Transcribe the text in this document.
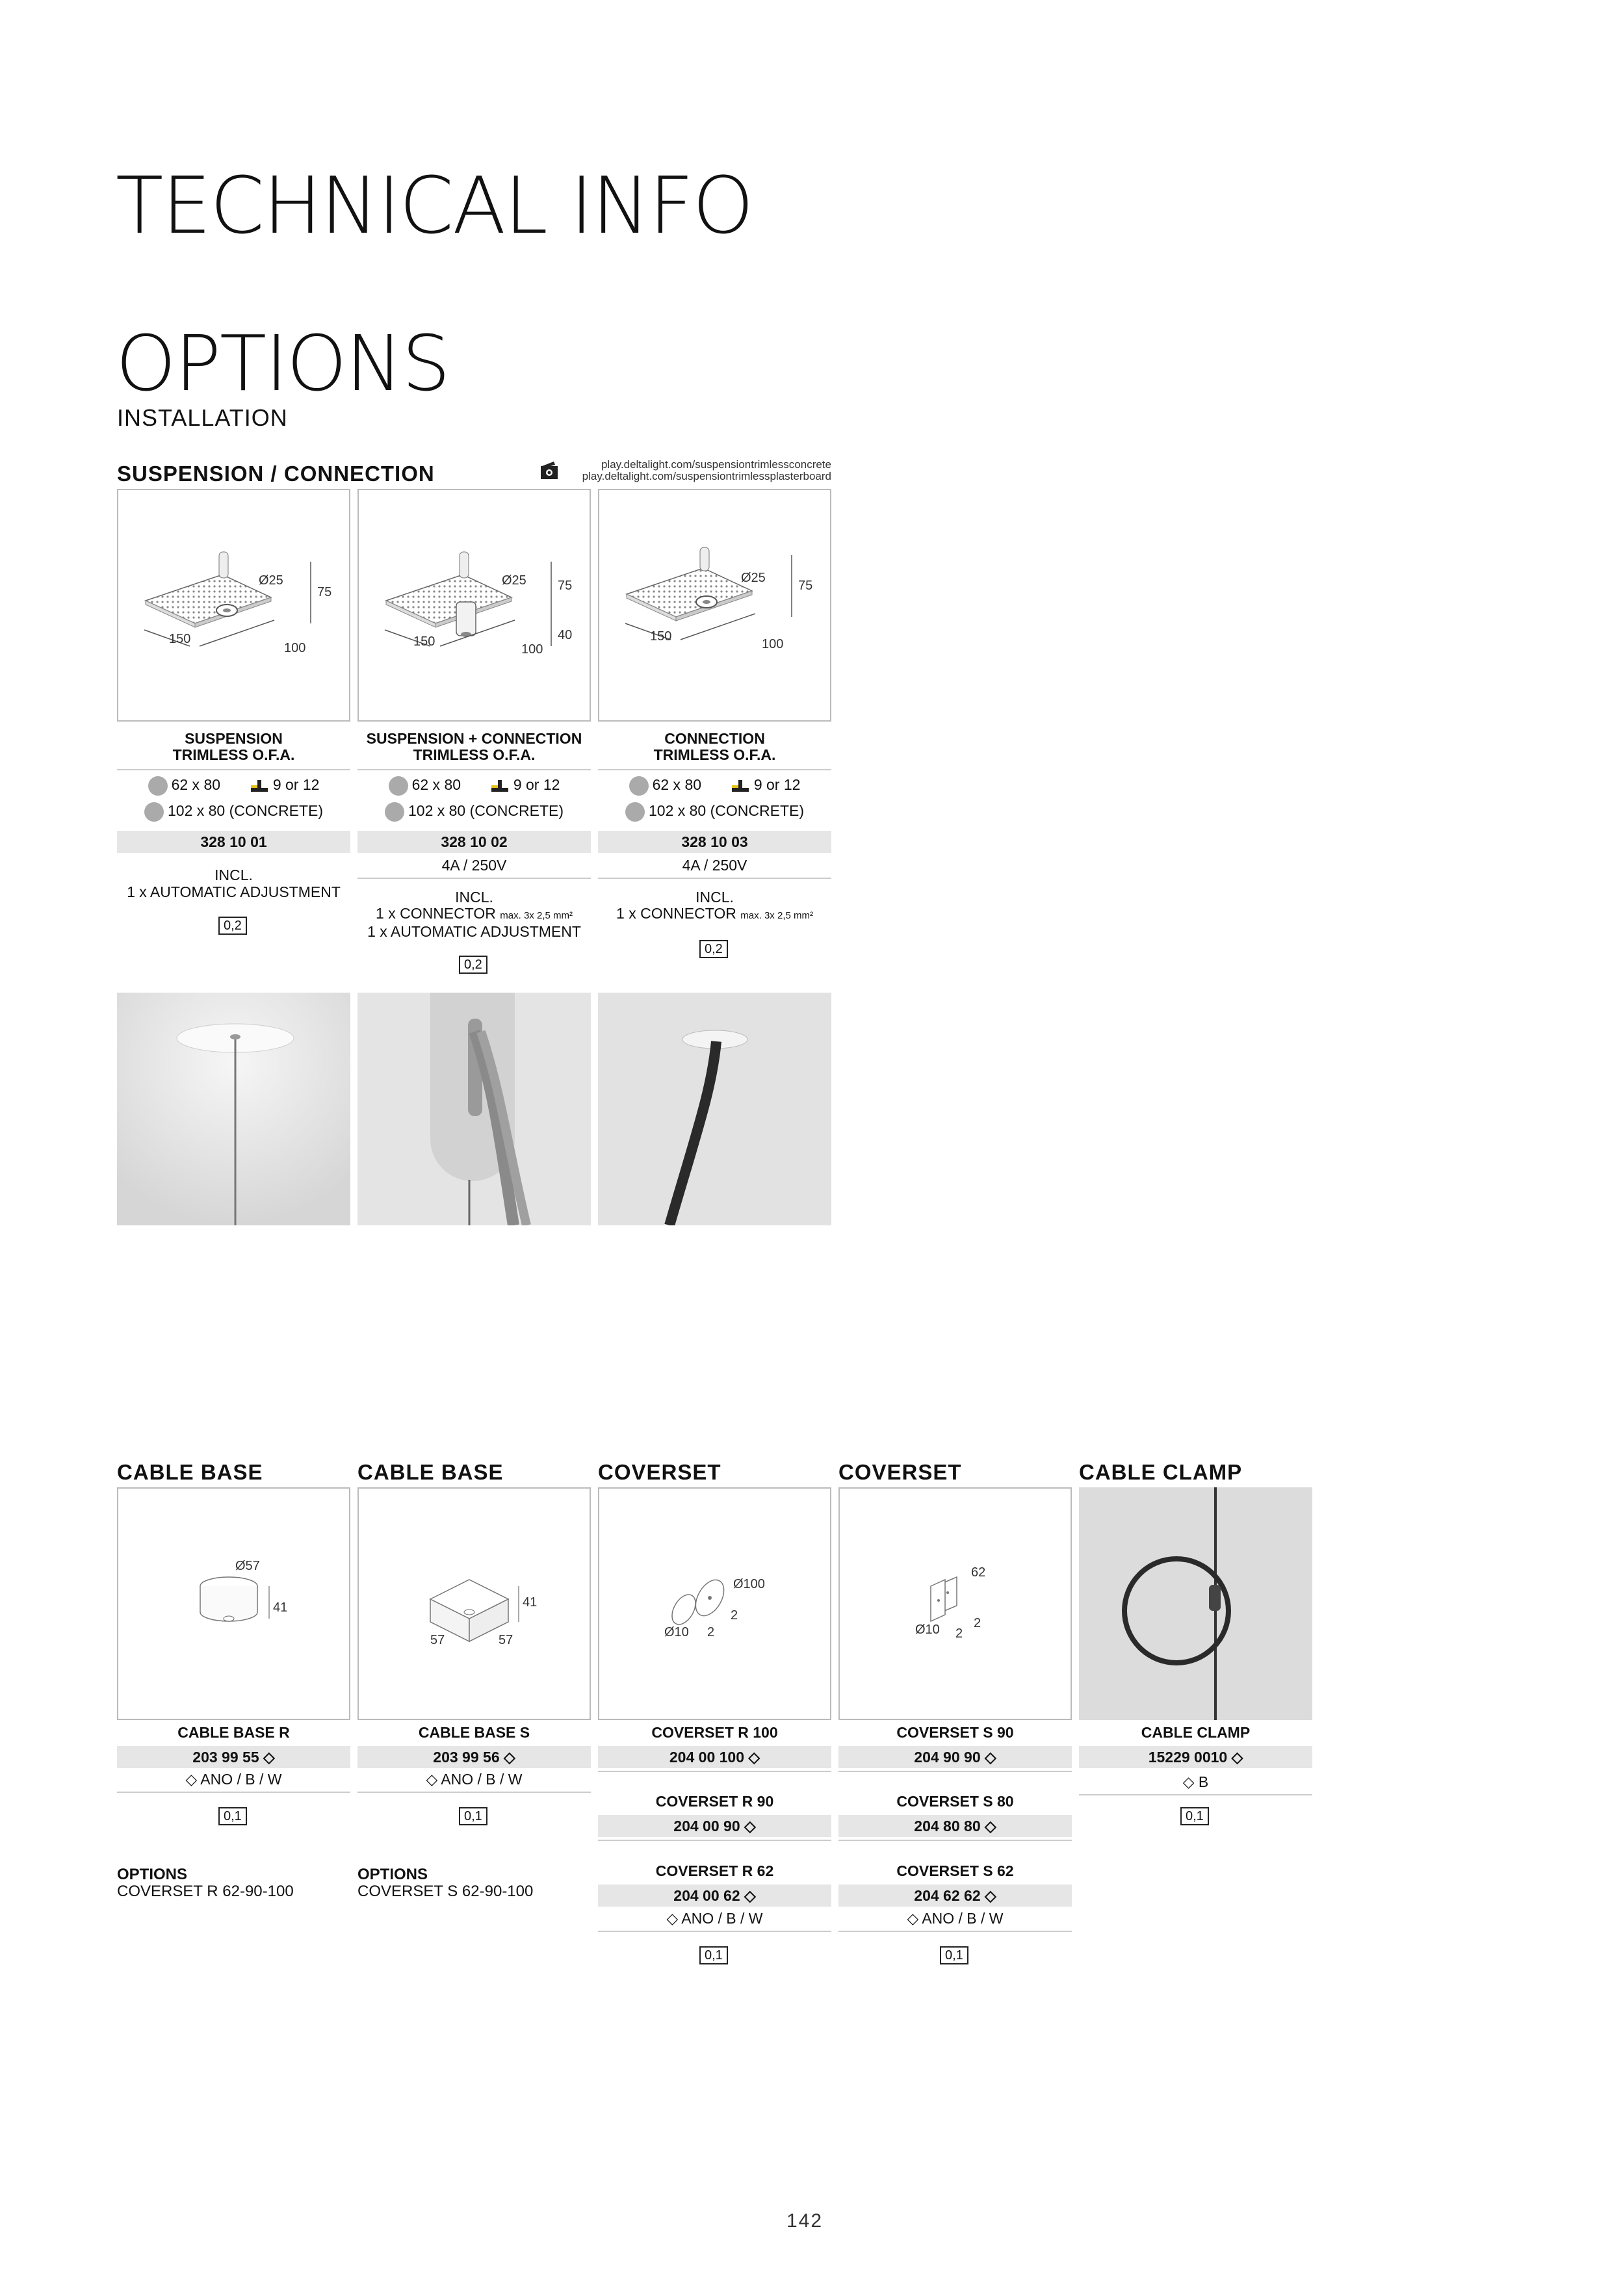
TECHNICAL INFO
OPTIONS
INSTALLATION
SUSPENSION / CONNECTION	play.deltalight.com/suspensiontrimlessconcrete
play.deltalight.com/suspensiontrimlessplasterboard
Ø25
75
150
100
Ø25 75
40
150
100
Ø25
75
150
100
SUSPENSION
TRIMLESS O.F.A.
62 x 80	9 or 12
102 x 80 (CONCRETE)
328 10 01
INCL.
1 x AUTOMATIC ADJUSTMENT
0,2
SUSPENSION + CONNECTION
TRIMLESS O.F.A.
62 x 80	9 or 12
102 x 80 (CONCRETE)
328 10 02
4A / 250V
INCL.
1 x CONNECTOR max. 3x 2,5 mm²
1 x AUTOMATIC ADJUSTMENT
0,2
CONNECTION
TRIMLESS O.F.A.
62 x 80	9 or 12
102 x 80 (CONCRETE)
328 10 03
4A / 250V
INCL.
1 x CONNECTOR max. 3x 2,5 mm²
0,2
CABLE BASE	CABLE BASE	COVERSET	COVERSET	CABLE CLAMP
Ø57
41	41
57	57
Ø100
Ø10 2
2
62
Ø10 2
2
CABLE BASE R
203 99 55 ◇
◇ ANO / B / W
0,1
OPTIONS
COVERSET R 62-90-100
CABLE BASE S
203 99 56 ◇
◇ ANO / B / W
0,1
OPTIONS
COVERSET S 62-90-100
COVERSET R 100
204 00 100 ◇
COVERSET R 90
204 00 90 ◇
COVERSET R 62
204 00 62 ◇
◇ ANO / B / W
0,1
COVERSET S 90
204 90 90 ◇
COVERSET S 80
204 80 80 ◇
COVERSET S 62
204 62 62 ◇
◇ ANO / B / W
0,1
CABLE CLAMP
15229 0010 ◇
◇ B
0,1
142
